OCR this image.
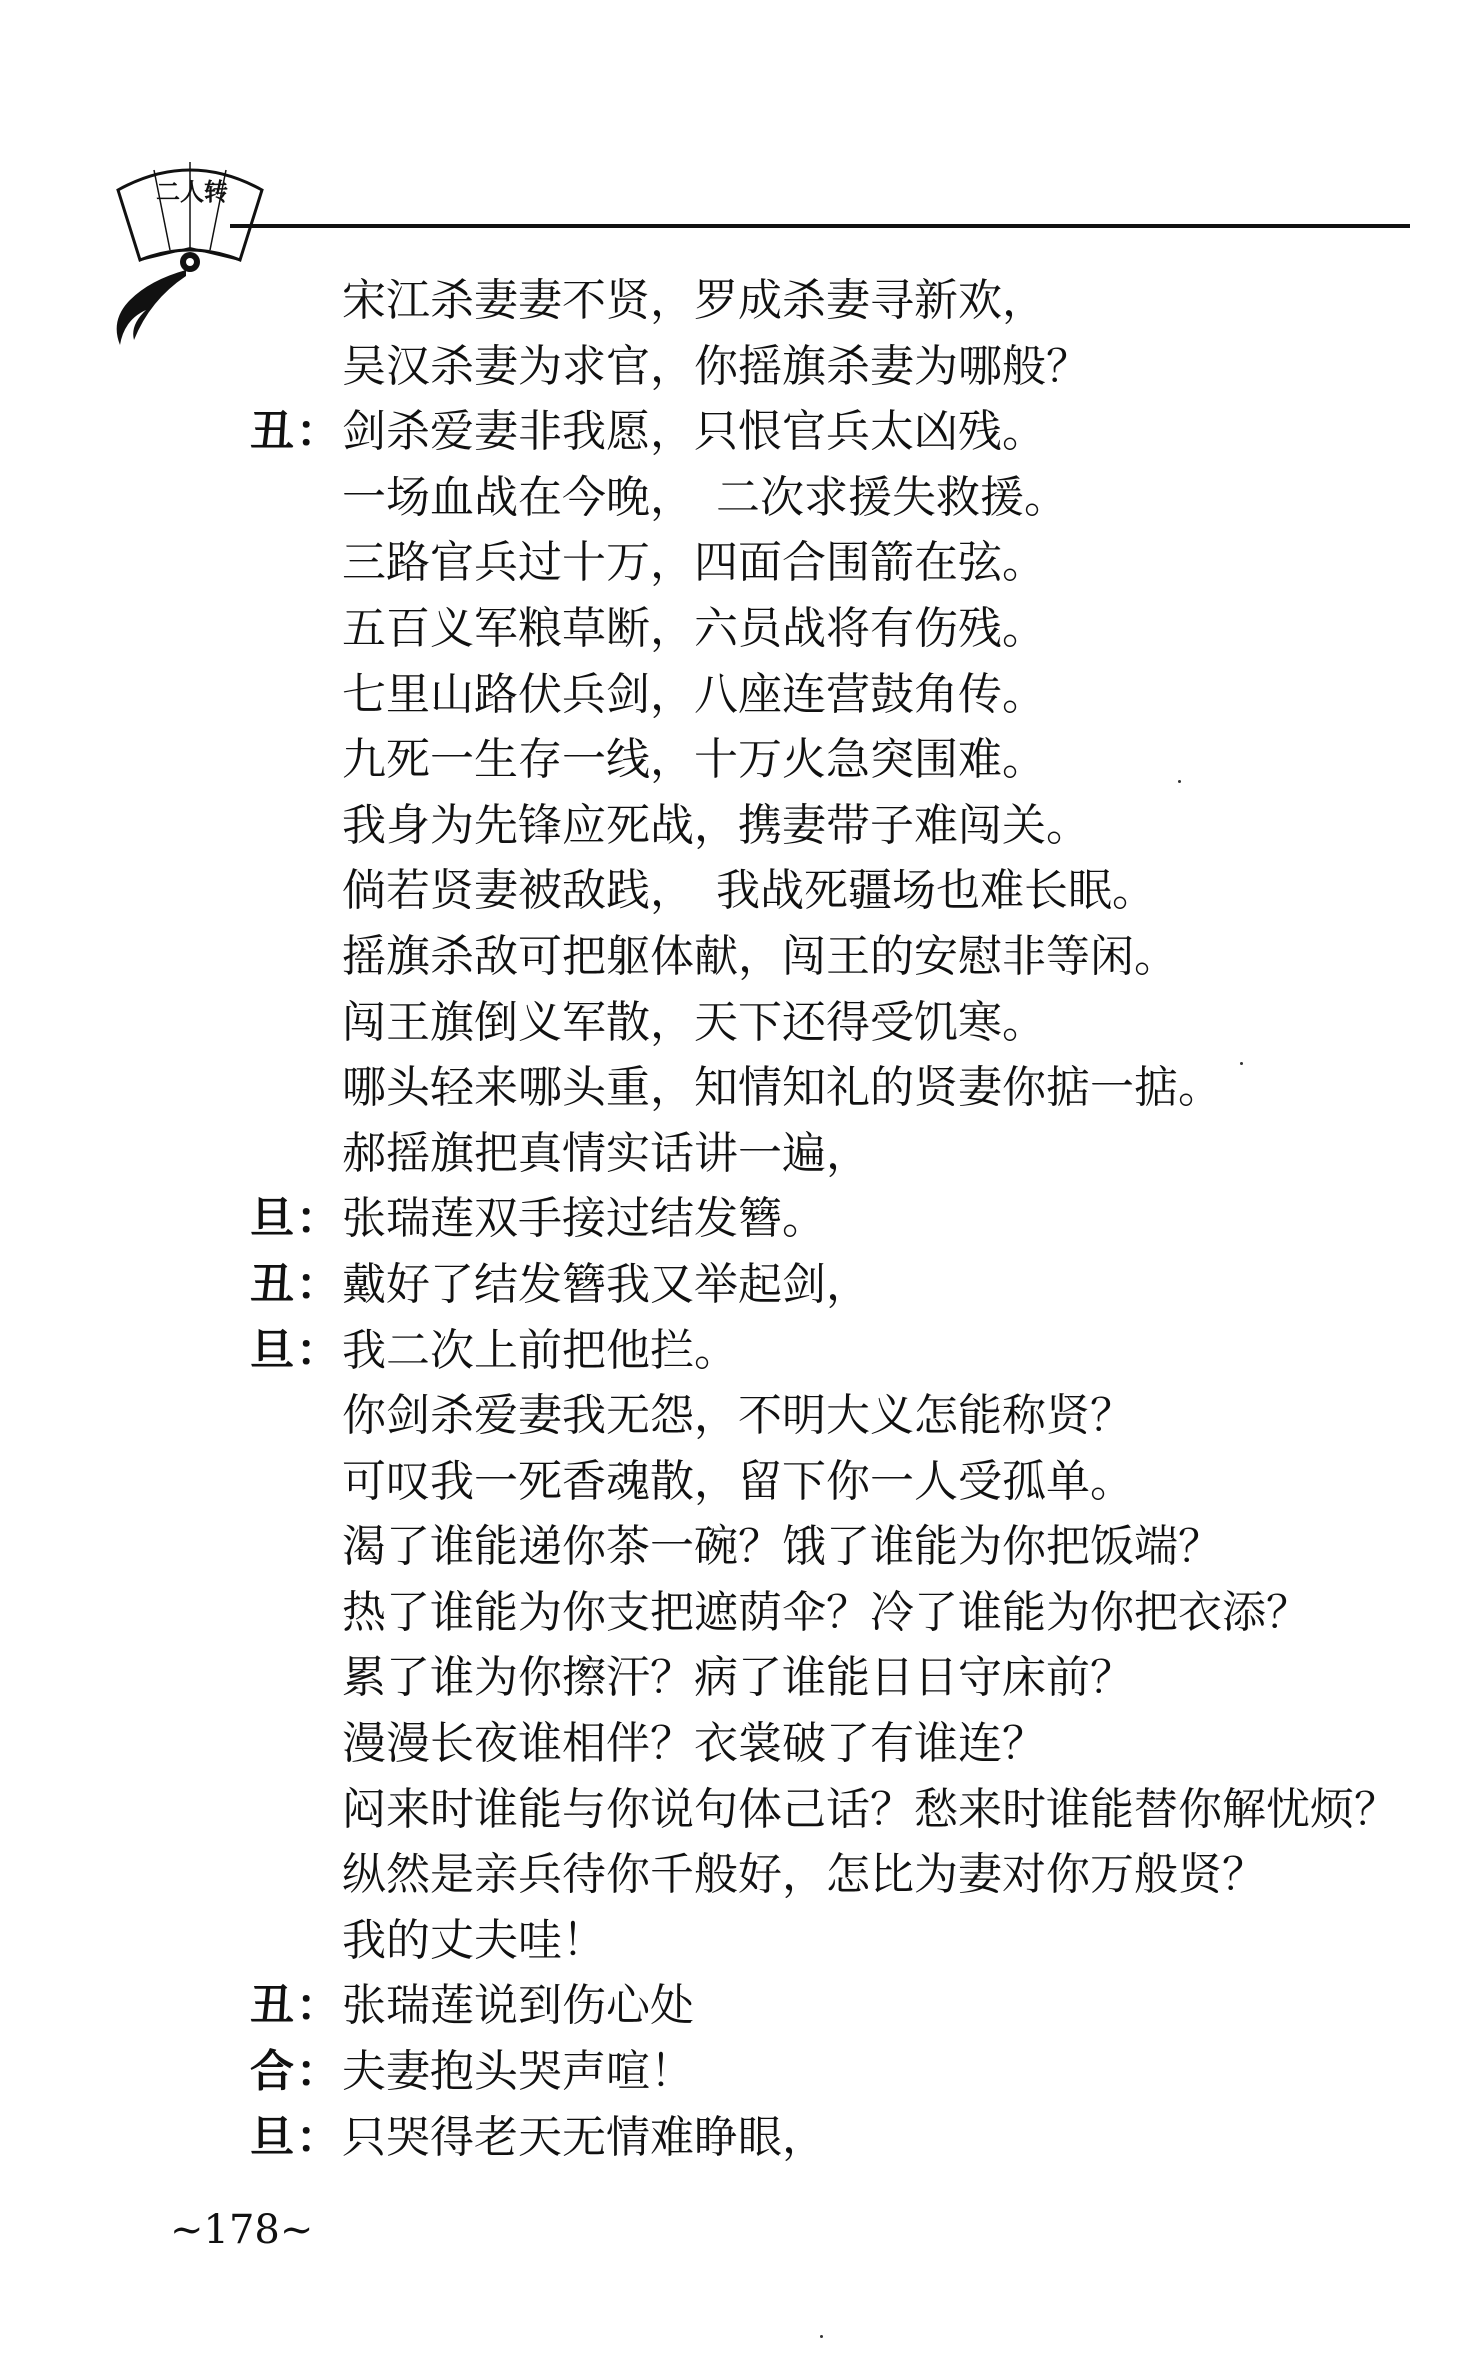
二人转
宋江杀妻妻不贤，罗成杀妻寻新欢，
吴汉杀妻为求官，你摇旗杀妻为哪般？
丑： 剑杀爱妻非我愿，只恨官兵太凶残。
一场血战在今晚，　二次求援失救援。
三路官兵过十万，四面合围箭在弦。
五百义军粮草断，六员战将有伤残。
七里山路伏兵剑，八座连营鼓角传。
九死一生存一线，十万火急突围难。
我身为先锋应死战，携妻带子难闯关。
倘若贤妻被敌践，　我战死疆场也难长眠。
摇旗杀敌可把躯体献，闯王的安慰非等闲。
闯王旗倒义军散，天下还得受饥寒。
哪头轻来哪头重，知情知礼的贤妻你掂一掂。
郝摇旗把真情实话讲一遍，
旦： 张瑞莲双手接过结发簪。
丑： 戴好了结发簪我又举起剑，
旦： 我二次上前把他拦。
你剑杀爱妻我无怨，不明大义怎能称贤？
可叹我一死香魂散，留下你一人受孤单。
渴了谁能递你茶一碗？饿了谁能为你把饭端？
热了谁能为你支把遮荫伞？冷了谁能为你把衣添？
累了谁为你擦汗？病了谁能日日守床前？
漫漫长夜谁相伴？衣裳破了有谁连？
闷来时谁能与你说句体己话？愁来时谁能替你解忧烦？
纵然是亲兵待你千般好，怎比为妻对你万般贤？
我的丈夫哇！
丑： 张瑞莲说到伤心处
合： 夫妻抱头哭声喧！
旦： 只哭得老天无情难睁眼，
~178~
